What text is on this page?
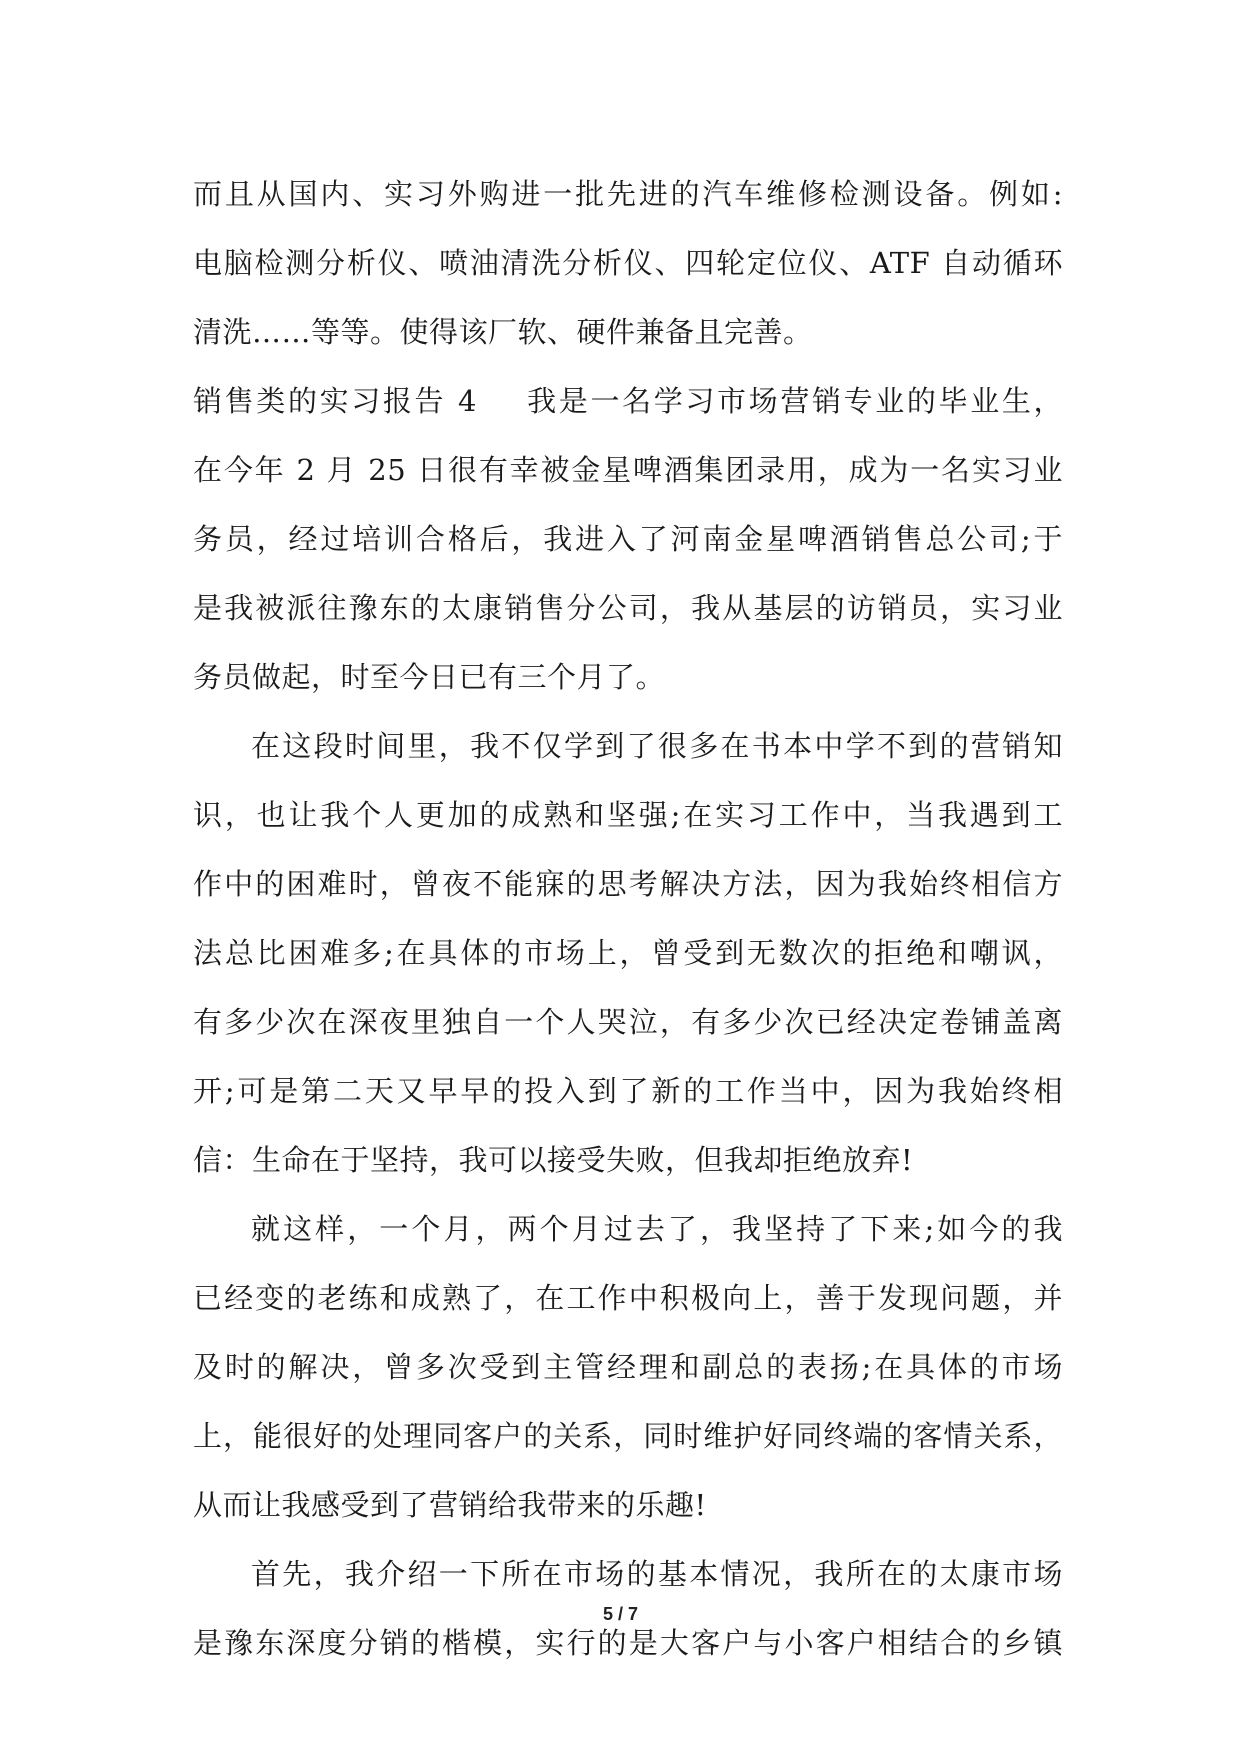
而且从国内、实习外购进一批先进的汽车维修检测设备。例如:
电脑检测分析仪、喷油清洗分析仪、四轮定位仪、ATF 自动循环
清洗……等等。使得该厂软、硬件兼备且完善。
销售类的实习报告 4 我是一名学习市场营销专业的毕业生，
在今年 2 月 25 日很有幸被金星啤酒集团录用，成为一名实习业
务员，经过培训合格后，我进入了河南金星啤酒销售总公司;于
是我被派往豫东的太康销售分公司，我从基层的访销员，实习业
务员做起，时至今日已有三个月了。
在这段时间里，我不仅学到了很多在书本中学不到的营销知
识，也让我个人更加的成熟和坚强;在实习工作中，当我遇到工
作中的困难时，曾夜不能寐的思考解决方法，因为我始终相信方
法总比困难多;在具体的市场上，曾受到无数次的拒绝和嘲讽，
有多少次在深夜里独自一个人哭泣，有多少次已经决定卷铺盖离
开;可是第二天又早早的投入到了新的工作当中，因为我始终相
信：生命在于坚持，我可以接受失败，但我却拒绝放弃!
就这样，一个月，两个月过去了，我坚持了下来;如今的我
已经变的老练和成熟了，在工作中积极向上，善于发现问题，并
及时的解决，曾多次受到主管经理和副总的表扬;在具体的市场
上，能很好的处理同客户的关系，同时维护好同终端的客情关系，
从而让我感受到了营销给我带来的乐趣!
首先，我介绍一下所在市场的基本情况，我所在的太康市场
是豫东深度分销的楷模，实行的是大客户与小客户相结合的乡镇
5 / 7
